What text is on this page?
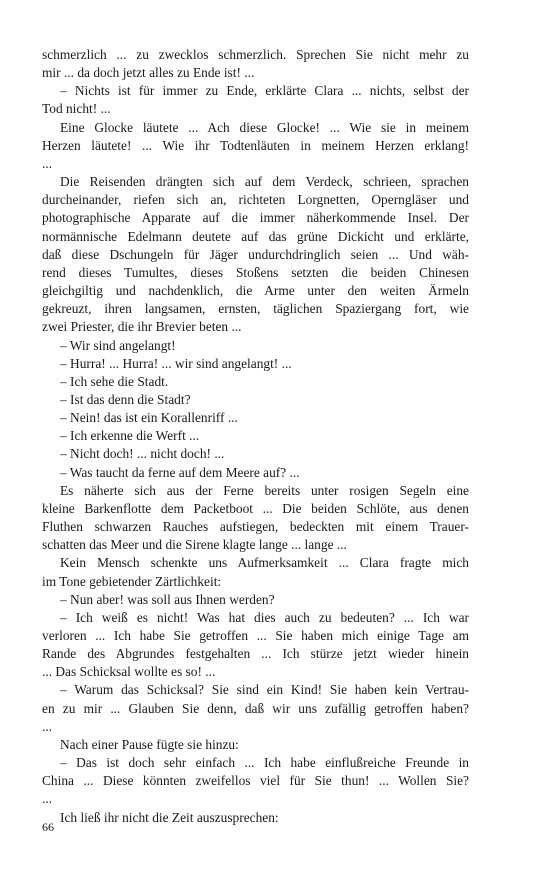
schmerzlich ... zu zwecklos schmerzlich. Sprechen Sie nicht mehr zu

mir ... da doch jetzt alles zu Ende ist! ...

– Nichts ist für immer zu Ende, erklärte Clara ... nichts, selbst der

Tod nicht! ...

Eine Glocke läutete ... Ach diese Glocke! ... Wie sie in meinem

Herzen läutete! ... Wie ihr Todtenläuten in meinem Herzen erklang!

...

Die Reisenden drängten sich auf dem Verdeck, schrieen, sprachen

durcheinander, riefen sich an, richteten Lorgnetten, Operngläser und

photographische Apparate auf die immer näherkommende Insel. Der

normännische Edelmann deutete auf das grüne Dickicht und erklärte,

daß diese Dschungeln für Jäger undurchdringlich seien ... Und wäh-

rend dieses Tumultes, dieses Stoßens setzten die beiden Chinesen

gleichgiltig und nachdenklich, die Arme unter den weiten Ärmeln

gekreuzt, ihren langsamen, ernsten, täglichen Spaziergang fort, wie

zwei Priester, die ihr Brevier beten ...

– Wir sind angelangt!

– Hurra! ... Hurra! ... wir sind angelangt! ...

– Ich sehe die Stadt.

– Ist das denn die Stadt?

– Nein! das ist ein Korallenriff ...

– Ich erkenne die Werft ...

– Nicht doch! ... nicht doch! ...

– Was taucht da ferne auf dem Meere auf? ...

Es näherte sich aus der Ferne bereits unter rosigen Segeln eine

kleine Barkenflotte dem Packetboot ... Die beiden Schlöte, aus denen

Fluthen schwarzen Rauches aufstiegen, bedeckten mit einem Trauer-

schatten das Meer und die Sirene klagte lange ... lange ...

Kein Mensch schenkte uns Aufmerksamkeit ... Clara fragte mich

im Tone gebietender Zärtlichkeit:

– Nun aber! was soll aus Ihnen werden?

– Ich weiß es nicht! Was hat dies auch zu bedeuten? ... Ich war

verloren ... Ich habe Sie getroffen ... Sie haben mich einige Tage am

Rande des Abgrundes festgehalten ... Ich stürze jetzt wieder hinein

... Das Schicksal wollte es so! ...

– Warum das Schicksal? Sie sind ein Kind! Sie haben kein Vertrau-

en zu mir ... Glauben Sie denn, daß wir uns zufällig getroffen haben?

...

Nach einer Pause fügte sie hinzu:

– Das ist doch sehr einfach ... Ich habe einflußreiche Freunde in

China ... Diese könnten zweifellos viel für Sie thun! ... Wollen Sie?

...

Ich ließ ihr nicht die Zeit auszusprechen:

66
